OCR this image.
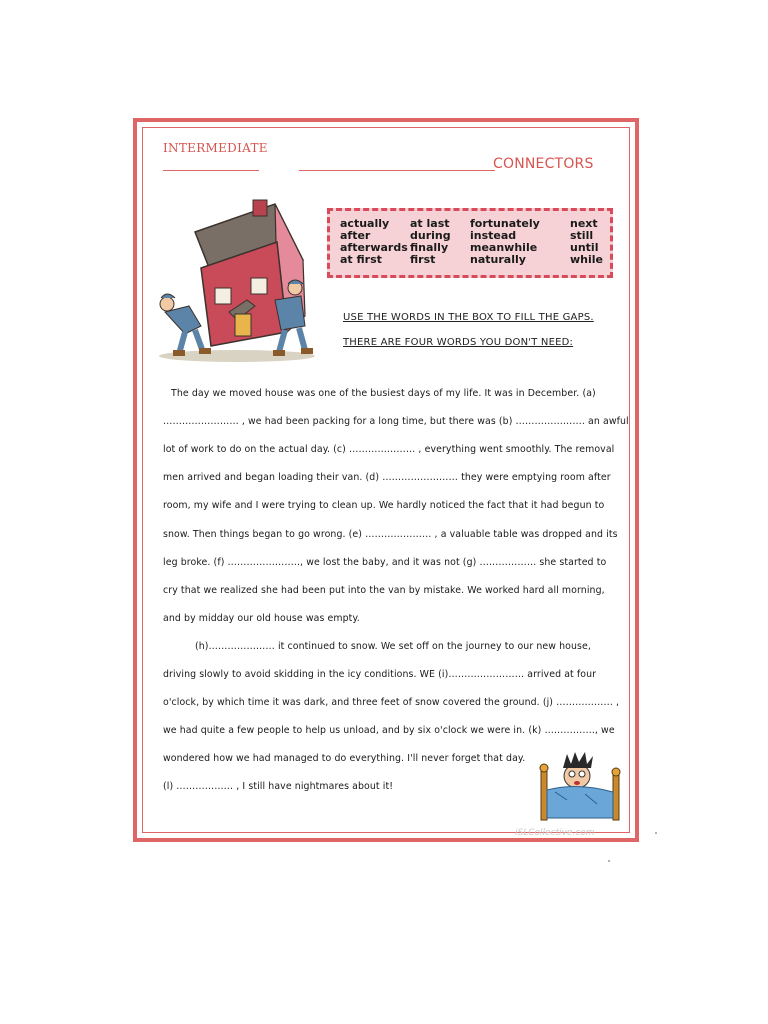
INTERMEDIATE
CONNECTORS
actually
after
afterwards
at first
at last
during
finally
first
fortunately
instead
meanwhile
naturally
next
still
until
while
USE THE WORDS IN THE BOX TO FILL THE GAPS.
THERE ARE FOUR WORDS YOU DON'T NEED:
The day we moved house was one of the busiest days of my life. It was in December. (a)
…………………… , we had been packing for a long time, but there was (b) …………………. an awful
lot of work to do on the actual day. (c) ………………… , everything went smoothly. The removal
men arrived and began loading their van. (d) …………………… they were emptying room after
room, my wife and I were trying to clean up. We hardly noticed the fact that it had begun to
snow. Then things began to go wrong. (e) ………………… , a valuable table was dropped and its
leg broke. (f) ………………….., we lost the baby, and it was not (g) ……………… she started to
cry that we realized she had been put into the van by mistake. We worked hard all morning,
and by midday our old house was empty.
(h)………………… it continued to snow. We set off on the journey to our new house,
driving slowly to avoid skidding in the icy conditions. WE (i)…………………… arrived at four
o'clock, by which time it was dark, and three feet of snow covered the ground. (j) ……………… ,
we had quite a few people to help us unload, and by six o'clock we were in. (k) ……………., we
wondered how we had managed to do everything. I'll never forget that day.
(l) ……………… , I still have nightmares about it!
iSLCollective.com
